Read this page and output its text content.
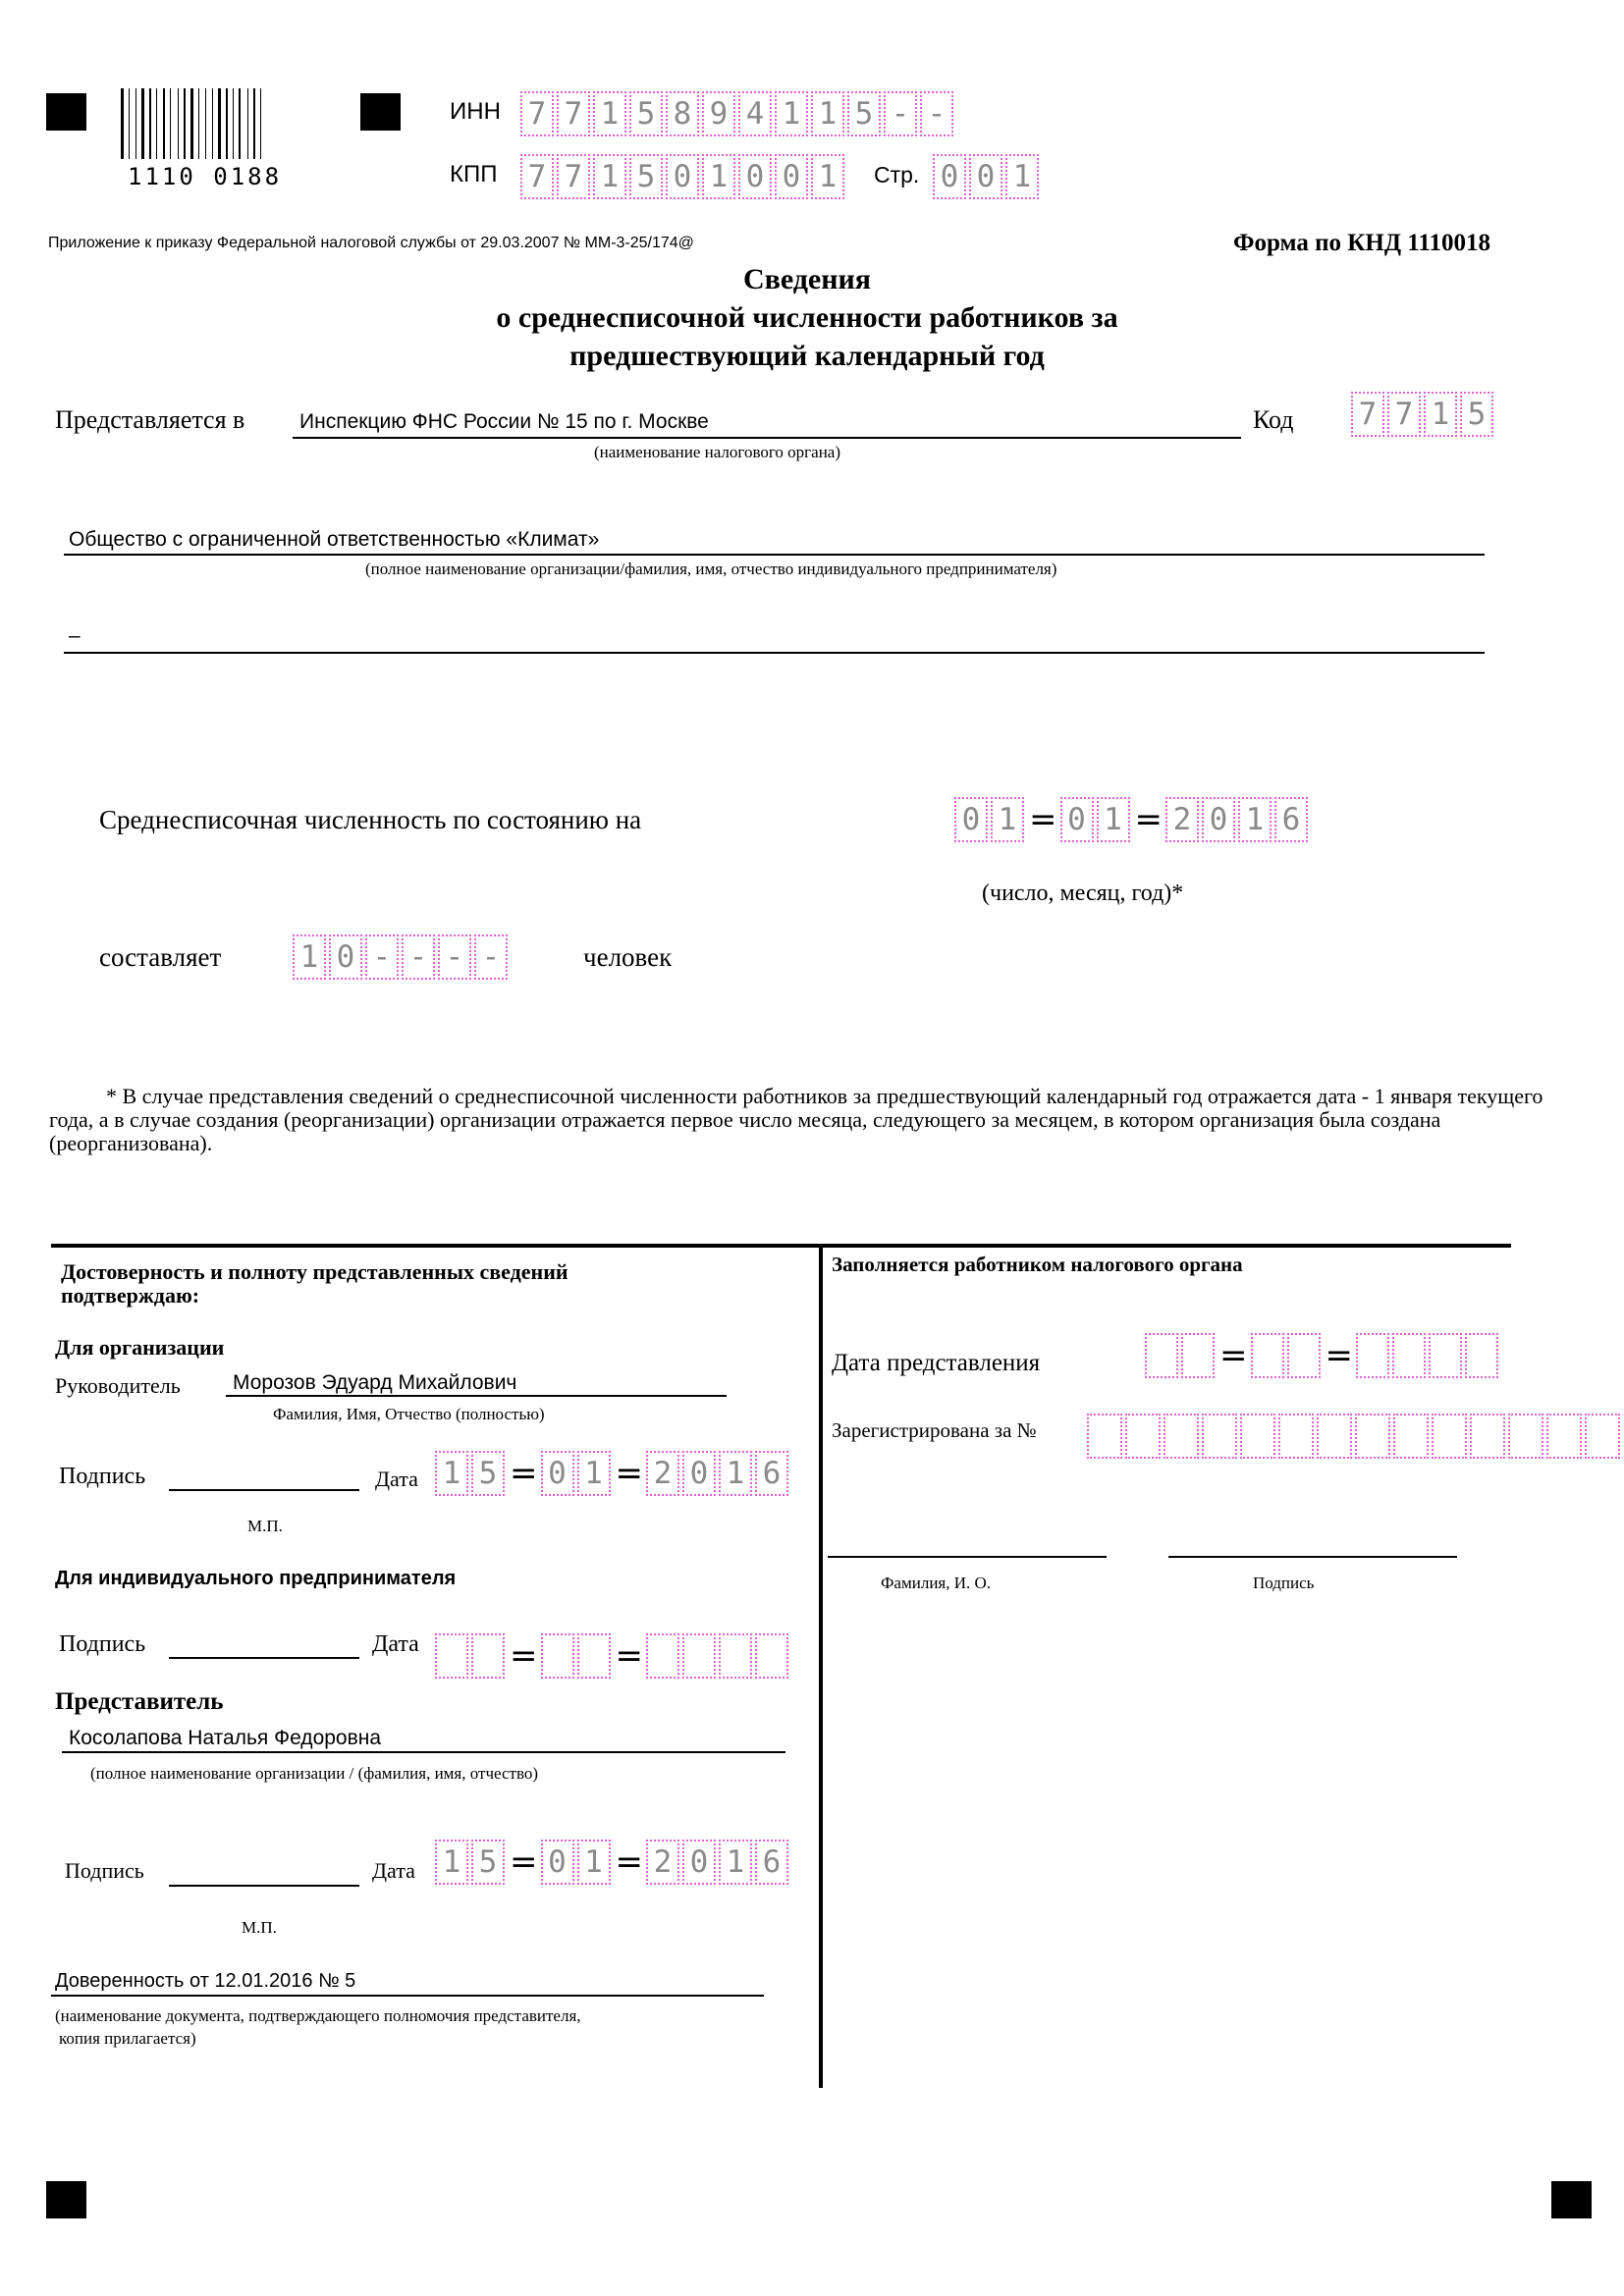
1110 0188
ИНН 7 7 1 5 8 9 4 1 1 5 - -
КПП 7 7 1 5 0 1 0 0 1	Стр. 0 0 1
Приложение к приказу Федеральной налоговой службы от 29.03.2007 № ММ-3-25/174@	Форма по КНД 1110018
Сведения
о среднесписочной численности работников за
предшествующий календарный год
Представляется в	Инспекцию ФНС России № 15 по г. Москве
(наименование налогового органа)
Код 7 7 1 5
Общество с ограниченной ответственностью «Климат»
(полное наименование организации/фамилия, имя, отчество индивидуального предпринимателя)
–
Среднесписочная численность по состоянию на	0 1 = 0 1 = 2 0 1 6
(число, месяц, год)*
составляет	1 0 - - - -	человек
* В случае представления сведений о среднесписочной численности работников за предшествующий календарный год отражается дата - 1 января текущего года, а в случае создания (реорганизации) организации отражается первое число месяца, следующего за месяцем, в котором организация была создана (реорганизована).
Достоверность и полноту представленных сведений
подтверждаю:
Для организации
Руководитель	Морозов Эдуард Михайлович
Фамилия, Имя, Отчество (полностью)
Подпись	Дата 1 5 = 0 1 = 2 0 1 6
М.П.
Для индивидуального предпринимателя
Подпись	Дата	= =
Представитель
Косолапова Наталья Федоровна
(полное наименование организации / (фамилия, имя, отчество)
Подпись	Дата 1 5 = 0 1 = 2 0 1 6
М.П.
Доверенность от 12.01.2016 № 5
(наименование документа, подтверждающего полномочия представителя,
копия прилагается)
Заполняется работником налогового органа
Дата представления	= =
Зарегистрирована за №
Фамилия, И. О.	Подпись
